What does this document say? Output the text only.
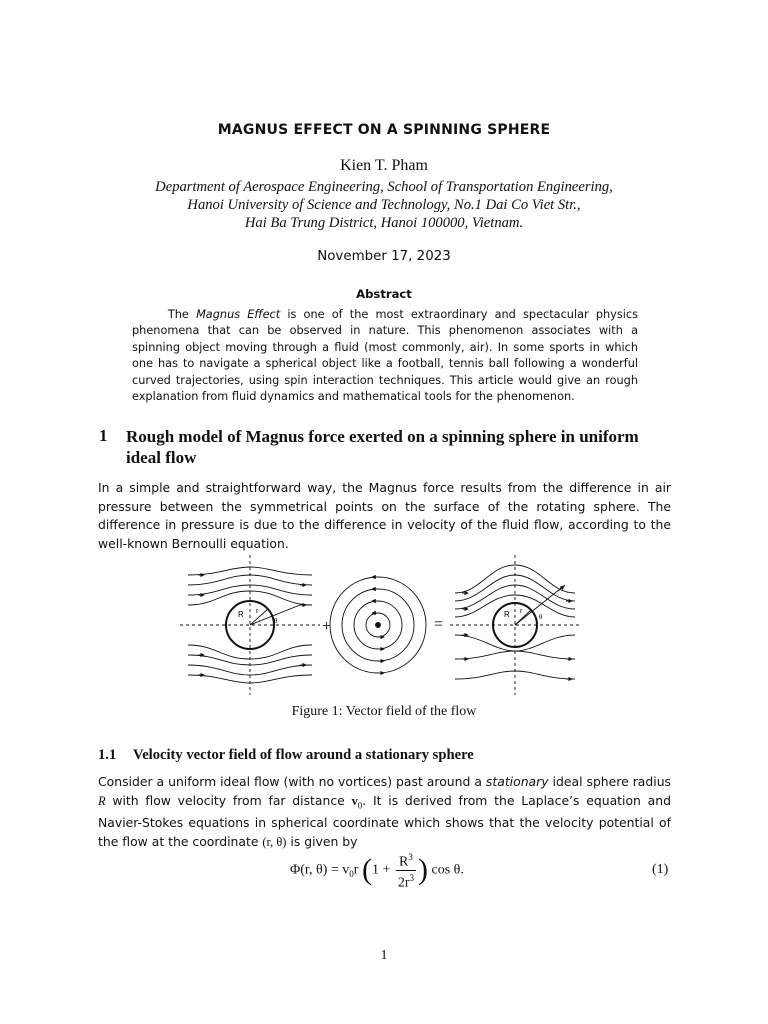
MAGNUS EFFECT ON A SPINNING SPHERE
Kien T. Pham
Department of Aerospace Engineering, School of Transportation Engineering,
Hanoi University of Science and Technology, No.1 Dai Co Viet Str.,
Hai Ba Trung District, Hanoi 100000, Vietnam.
November 17, 2023
Abstract
The Magnus Effect is one of the most extraordinary and spectacular physics phenomena that can be observed in nature. This phenomenon associates with a spinning object moving through a fluid (most commonly, air). In some sports in which one has to navigate a spherical object like a football, tennis ball following a wonderful curved trajectories, using spin interaction techniques. This article would give an rough explanation from fluid dynamics and mathematical tools for the phenomenon.
1 Rough model of Magnus force exerted on a spinning sphere in uniform ideal flow
In a simple and straightforward way, the Magnus force results from the difference in air pressure between the symmetrical points on the surface of the rotating sphere. The difference in pressure is due to the difference in velocity of the fluid flow, according to the well-known Bernoulli equation.
R r
θ	+	=
R r
θ
Figure 1: Vector field of the flow
1.1 Velocity vector field of flow around a stationary sphere
Consider a uniform ideal flow (with no vortices) past around a stationary ideal sphere radius R with flow velocity from far distance $v_0$. It is derived from the Laplace’s equation and Navier-Stokes equations in spherical coordinate which shows that the velocity potential of the flow at the coordinate (r, θ) is given by
Φ(r, $\theta) = v_0r$ ($1 + \frac{R^3}{2r^3}$ ) cos θ.	(1)
1
